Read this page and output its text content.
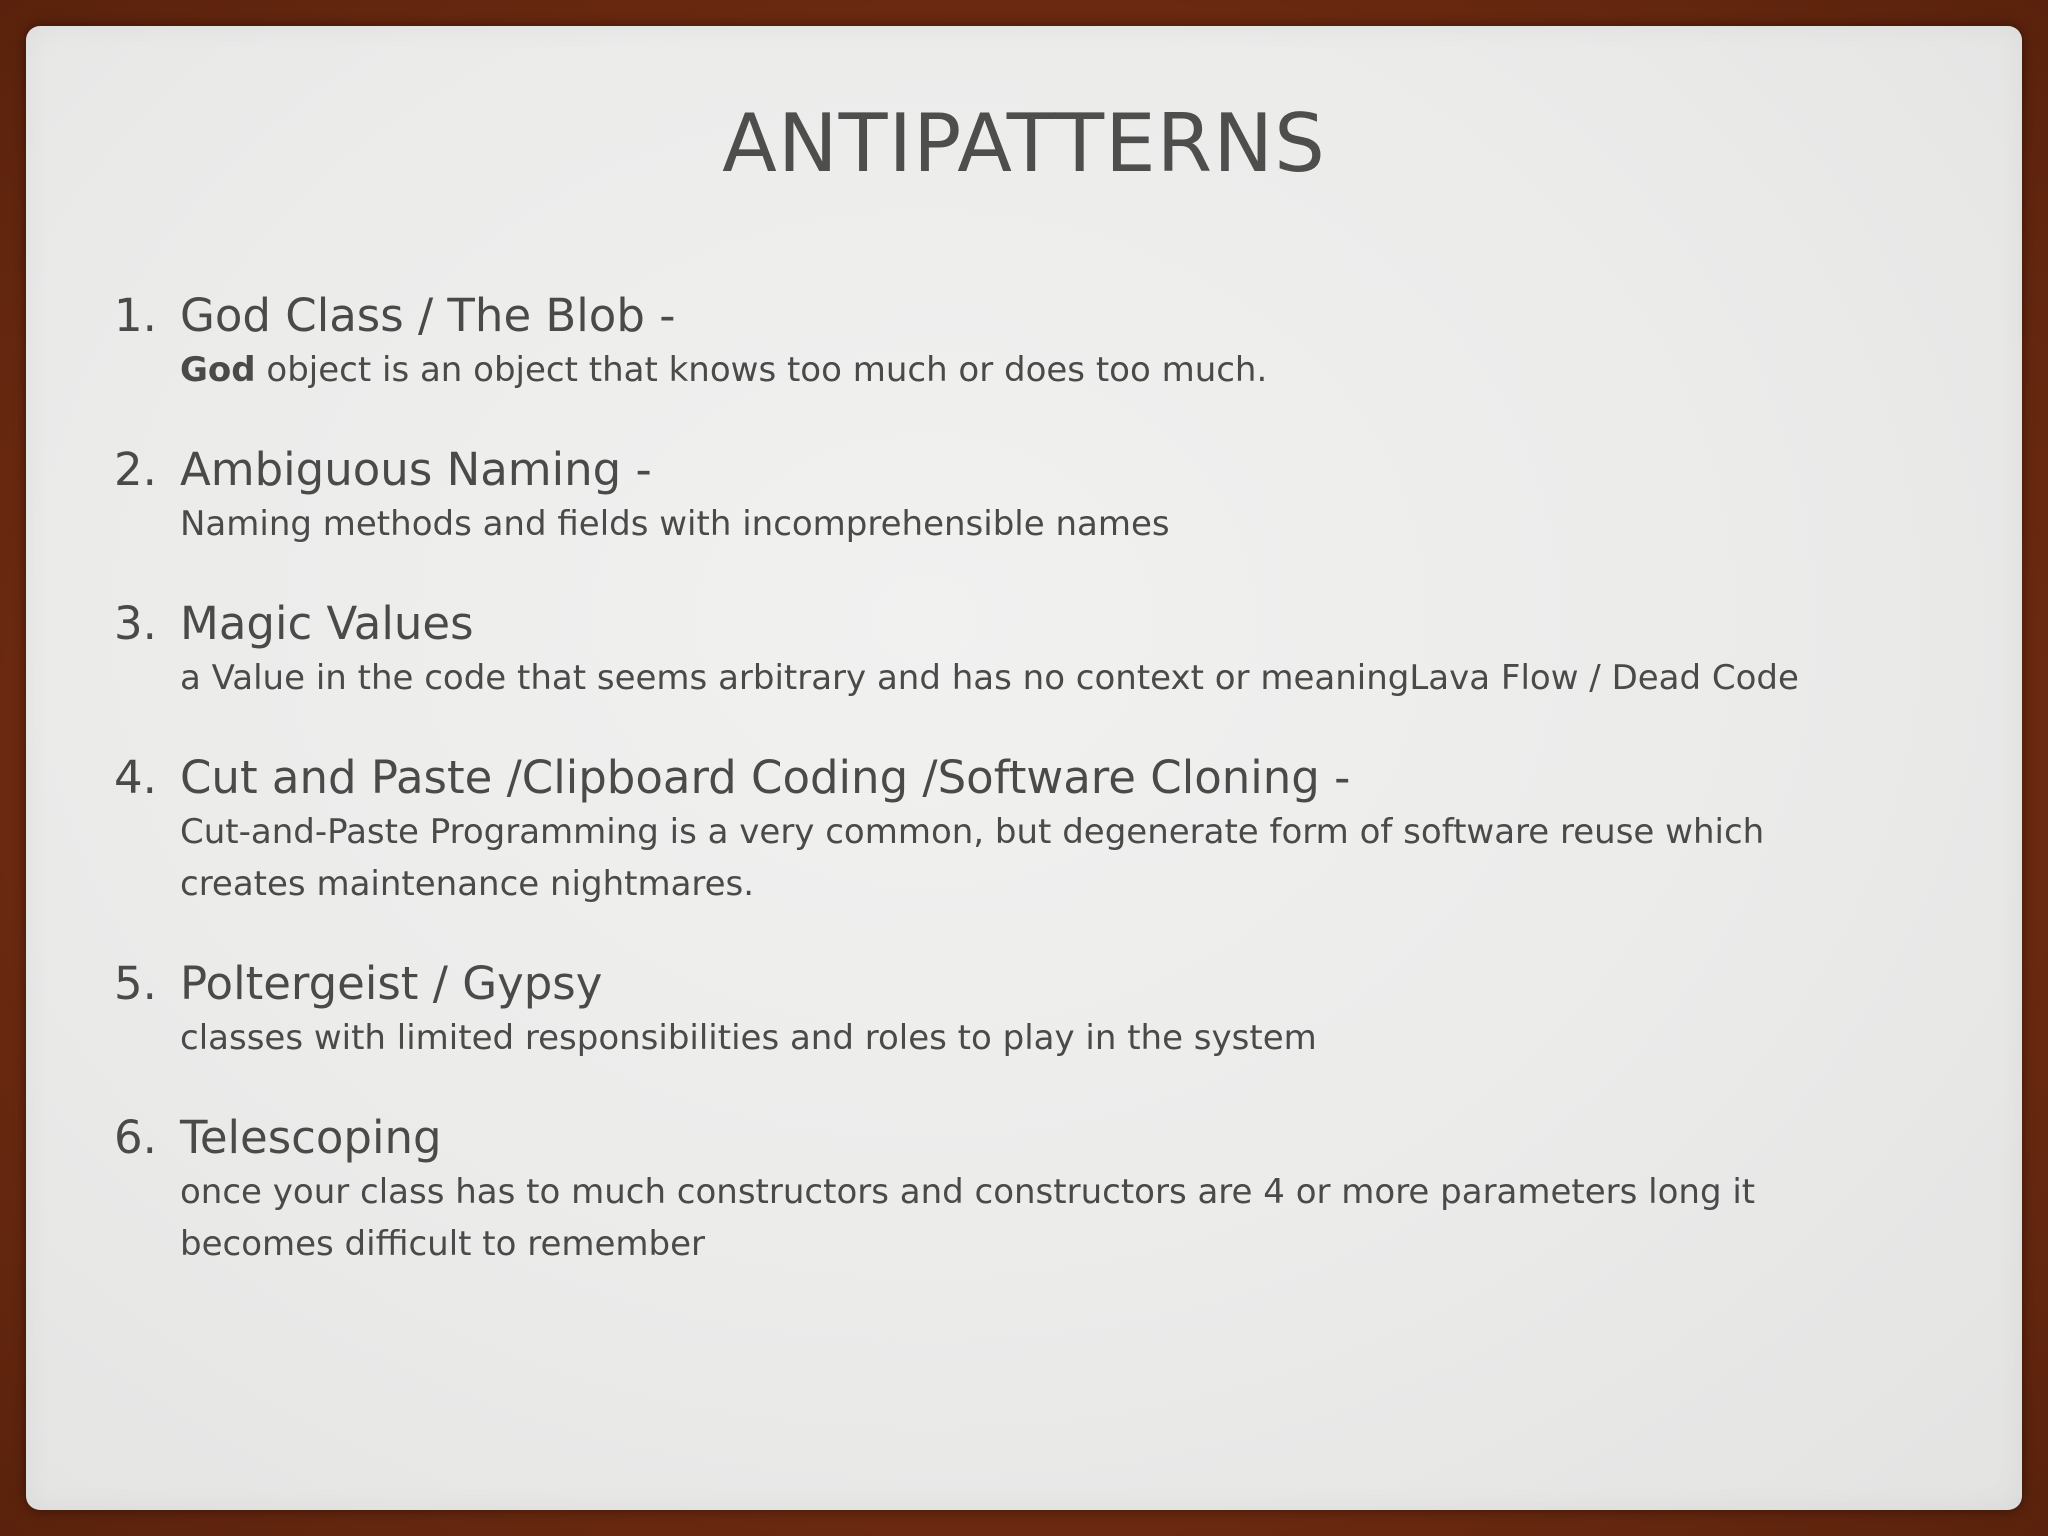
ANTIPATTERNS
1. God Class / The Blob -
God object is an object that knows too much or does too much.
2. Ambiguous Naming -
Naming methods and fields with incomprehensible names
3. Magic Values
a Value in the code that seems arbitrary and has no context or meaningLava Flow / Dead Code
4. Cut and Paste /Clipboard Coding /Software Cloning -
Cut-and-Paste Programming is a very common, but degenerate form of software reuse which
creates maintenance nightmares.
5. Poltergeist / Gypsy
classes with limited responsibilities and roles to play in the system
6. Telescoping
once your class has to much constructors and constructors are 4 or more parameters long it
becomes difficult to remember
